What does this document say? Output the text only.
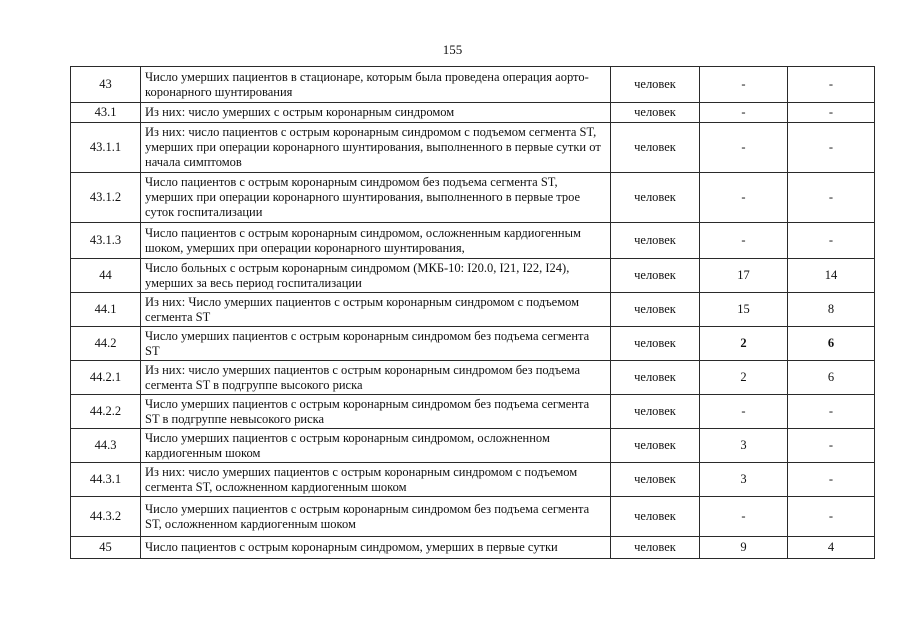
155
43	Число умерших пациентов в стационаре, которым была проведена операция аорто-коронарного шунтирования	человек	-	-
43.1	Из них: число умерших с острым коронарным синдромом	человек	-	-
43.1.1	Из них: число пациентов с острым коронарным синдромом с подъемом сегмента ST, умерших при операции коронарного шунтирования, выполненного в первые сутки от начала симптомов	человек	-	-
43.1.2	Число пациентов с острым коронарным синдромом без подъема сегмента ST, умерших при операции коронарного шунтирования, выполненного в первые трое суток госпитализации	человек	-	-
43.1.3	Число пациентов с острым коронарным синдромом, осложненным кардиогенным шоком, умерших при операции коронарного шунтирования,	человек	-	-
44	Число больных с острым коронарным синдромом (МКБ-10: I20.0, I21, I22, I24), умерших за весь период госпитализации	человек	17	14
44.1	Из них: Число умерших пациентов с острым коронарным синдромом с подъемом сегмента ST	человек	15	8
44.2	Число умерших пациентов с острым коронарным синдромом без подъема сегмента ST	человек	2	6
44.2.1	Из них: число умерших пациентов с острым коронарным синдромом без подъема сегмента ST в подгруппе высокого риска	человек	2	6
44.2.2	Число умерших пациентов с острым коронарным синдромом без подъема сегмента ST в подгруппе невысокого риска	человек	-	-
44.3	Число умерших пациентов с острым коронарным синдромом, осложненном кардиогенным шоком	человек	3	-
44.3.1	Из них: число умерших пациентов с острым коронарным синдромом с подъемом сегмента ST, осложненном кардиогенным шоком	человек	3	-
44.3.2	Число умерших пациентов с острым коронарным синдромом без подъема сегмента ST, осложненном кардиогенным шоком	человек	-	-
45	Число пациентов с острым коронарным синдромом, умерших в первые сутки	человек	9	4
